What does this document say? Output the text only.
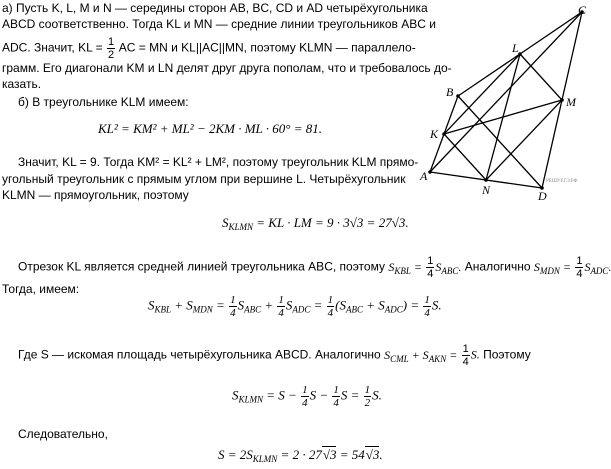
а) Пусть K, L, M и N — середины сторон AB, BC, CD и AD четырёхугольника
ABCD соответственно. Тогда KL и MN — средние линии треугольников ABC и
ADC. Значит, KL = $\frac{1}{2}$ AC = MN и KL||AC||MN, поэтому KLMN — параллело-
грамм. Его диагонали KM и LN делят друг друга пополам, что и требовалось до-
казать.
б) В треугольнике KLM имеем:
KL² = KM² + ML² − 2KM · ML · 60° = 81.
Значит, KL = 9. Тогда KM² = KL² + LM², поэтому треугольник KLM прямо-
угольный треугольник с прямым углом при вершине L. Четырёхугольник
KLMN — прямоугольник, поэтому
$S_{KLMN}$ = KL · LM = 9 · 3√3 = 27√3.
Отрезок KL является средней линией треугольника ABC, поэтому $S_{KBL} = \frac{1}{4} S_{ABC}$. Аналогично $S_{MDN} = \frac{1}{4} S_{ADC}$
Тогда, имеем:
$S_{KBL} + S_{MDN} = \frac{1}{4} S_{ABC} + \frac{1}{4} S_{ADC} = \frac{1}{4} (S_{ABC} + S_{ADC}) = \frac{1}{4} S$.
Где S — искомая площадь четырёхугольника ABCD. Аналогично $S_{CML} + S_{AKN} = \frac{1}{4} S$. Поэтому
$S_{KLMN} = S - \frac{1}{4}$ $S - \frac{1}{4}$ $S = \frac{1}{2} S$.
Следовательно,
$S = 2S_{KLMN} = 2 \cdot 27√3 = 54√3$.
A
B
C
D
K
L
M
N
РЕШУЕГЭ.РФ
